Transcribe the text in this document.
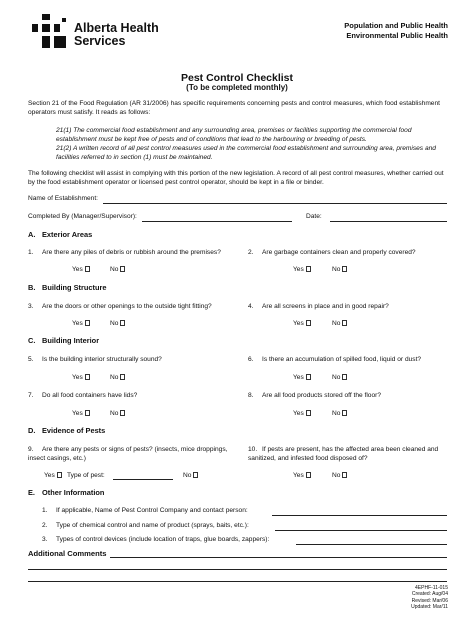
Alberta Health
Services
Population and Public Health
Environmental Public Health
Pest Control Checklist
(To be completed monthly)
Section 21 of the Food Regulation (AR 31/2006) has specific requirements concerning pests and control measures, which food establishment operators must satisfy. It reads as follows:
21(1) The commercial food establishment and any surrounding area, premises or facilities supporting the commercial food establishment must be kept free of pests and of conditions that lead to the harbouring or breeding of pests.
21(2) A written record of all pest control measures used in the commercial food establishment and surrounding area, premises and facilities referred to in section (1) must be maintained.
The following checklist will assist in complying with this portion of the new legislation. A record of all pest control measures, whether carried out by the food establishment operator or licensed pest control operator, should be kept in a file or binder.
Name of Establishment:
Completed By (Manager/Supervisor):	Date:
A. Exterior Areas
1. Are there any piles of debris or rubbish around the premises?	2. Are garbage containers clean and properly covered?
Yes	No	Yes	No
B. Building Structure
3. Are the doors or other openings to the outside tight fitting?	4. Are all screens in place and in good repair?
Yes	No	Yes	No
C. Building Interior
5. Is the building interior structurally sound?	6. Is there an accumulation of spilled food, liquid or dust?
Yes	No	Yes	No
7. Do all food containers have lids?	8. Are all food products stored off the floor?
Yes	No	Yes	No
D. Evidence of Pests
9. Are there any pests or signs of pests? (insects, mice droppings, insect casings, etc.)
10. If pests are present, has the affected area been cleaned and sanitized, and infested food disposed of?
Yes	Type of pest:	No	Yes	No
E. Other Information
1. If applicable, Name of Pest Control Company and contact person:
2. Type of chemical control and name of product (sprays, baits, etc.):
3. Types of control devices (include location of traps, glue boards, zappers):
Additional Comments
4EPHF-11-015
Created: Aug/04
Revised: Mar/06
Updated: Mar/11
